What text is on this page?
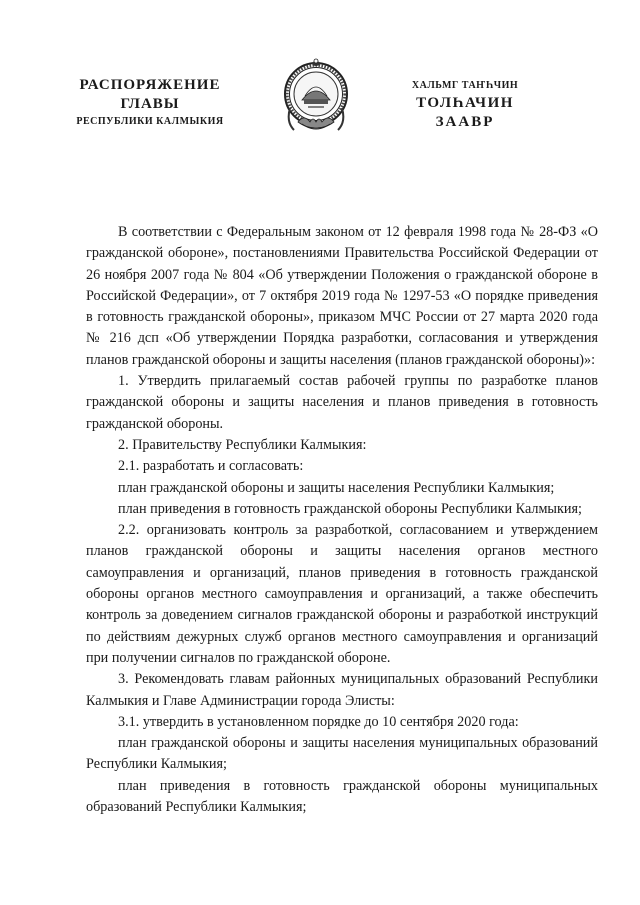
РАСПОРЯЖЕНИЕ
ГЛАВЫ
РЕСПУБЛИКИ КАЛМЫКИЯ
ХАЛЬМГ ТАҤҺЧИН
ТОЛҺАЧИН
ЗААВР

В соответствии с Федеральным законом от 12 февраля 1998 года № 28-ФЗ «О гражданской обороне», постановлениями Правительства Российской Федерации от 26 ноября 2007 года № 804 «Об утверждении Положения о гражданской обороне в Российской Федерации», от 7 октября 2019 года № 1297-53 «О порядке приведения в готовность гражданской обороны», приказом МЧС России от 27 марта 2020 года № 216 дсп «Об утверждении Порядка разработки, согласования и утверждения планов гражданской обороны и защиты населения (планов гражданской обороны)»:

1. Утвердить прилагаемый состав рабочей группы по разработке планов гражданской обороны и защиты населения и планов приведения в готовность гражданской обороны.

2. Правительству Республики Калмыкия:

2.1. разработать и согласовать:

план гражданской обороны и защиты населения Республики Калмыкия;

план приведения в готовность гражданской обороны Республики Калмыкия;

2.2. организовать контроль за разработкой, согласованием и утверждением планов гражданской обороны и защиты населения органов местного самоуправления и организаций, планов приведения в готовность гражданской обороны органов местного самоуправления и организаций, а также обеспечить контроль за доведением сигналов гражданской обороны и разработкой инструкций по действиям дежурных служб органов местного самоуправления и организаций при получении сигналов по гражданской обороне.

3. Рекомендовать главам районных муниципальных образований Республики Калмыкия и Главе Администрации города Элисты:

3.1. утвердить в установленном порядке до 10 сентября 2020 года:

план гражданской обороны и защиты населения муниципальных образований Республики Калмыкия;

план приведения в готовность гражданской обороны муниципальных образований Республики Калмыкия;
